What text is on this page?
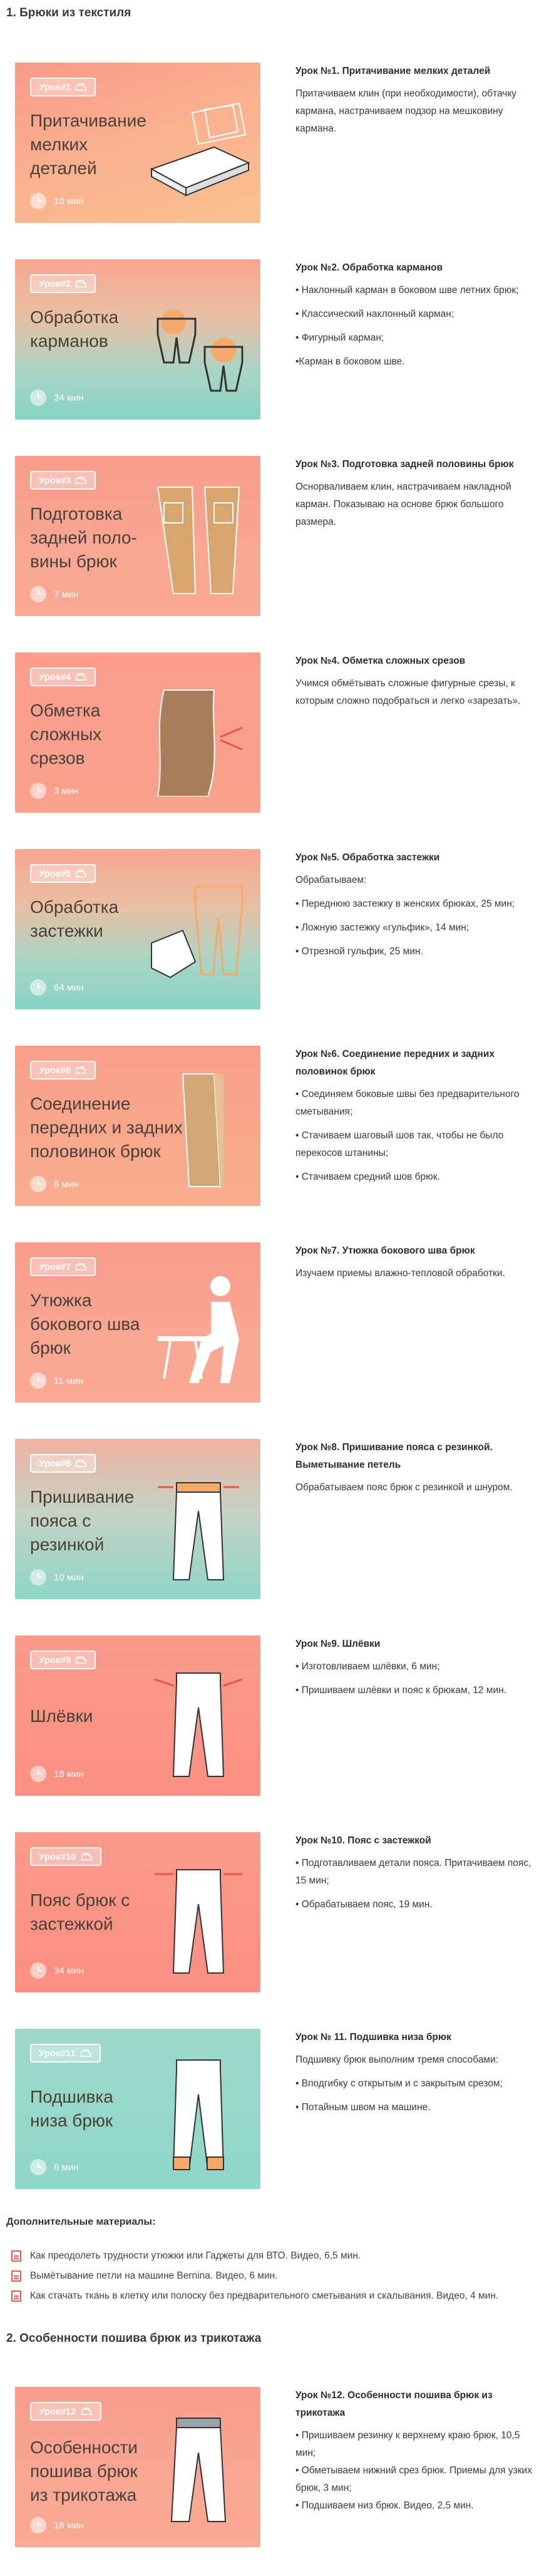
1. Брюки из текстиля
Урок#1
Притачивание мелких деталей
10 мин
Урок №1. Притачивание мелких деталей

Притачиваем клин (при необходимости), обтачку кармана, настрачиваем подзор на мешковину кармана.

Урок#2
Обработка карманов
34 мин
Урок №2. Обработка карманов

• Наклонный карман в боковом шве летних брюк;

• Классический наклонный карман;

• Фигурный карман;

•Карман в боковом шве.

Урок#3
Подготовка задней поло-вины брюк
7 мин
Урок №3. Подготовка задней половины брюк

Оснорваливаем клин, настрачиваем накладной карман. Показываю на основе брюк большого размера.

Урок#4
Обметка сложных срезов
3 мин
Урок №4. Обметка сложных срезов

Учимся обмётывать сложные фигурные срезы, к которым сложно подобраться и легко «зарезать».

Урок#5
Обработка застежки
64 мин
Урок №5. Обработка застежки

Обрабатываем:

• Переднюю застежку в женских брюках, 25 мин;

• Ложную застежку «гульфик», 14 мин;

• Отрезной гульфик, 25 мин.

Урок#6
Соединение передних и задних половинок брюк
8 мин
Урок №6. Соединение передних и задних половинок брюк

• Соединяем боковые швы без предварительного сметывания;

• Стачиваем шаговый шов так, чтобы не было перекосов штанины;

• Стачиваем средний шов брюк.

Урок#7
Утюжка бокового шва брюк
11 мин
Урок №7. Утюжка бокового шва брюк

Изучаем приемы влажно-тепловой обработки.

Урок#8
Пришивание пояса с резинкой
10 мин
Урок №8. Пришивание пояса с резинкой. Выметывание петель

Обрабатываем пояс брюк с резинкой и шнуром.

Урок#9
Шлёвки
18 мин
Урок №9. Шлёвки

• Изготовливаем шлёвки, 6 мин;

• Пришиваем шлёвки и пояс к брюкам, 12 мин.

Урок#10
Пояс брюк с застежкой
34 мин
Урок №10. Пояс с застежкой

• Подготавливаем детали пояса. Притачиваем пояс, 15 мин;

• Обрабатываем пояс, 19 мин.

Урок#11
Подшивка низа брюк
6 мин
Урок № 11. Подшивка низа брюк

Подшивку брюк выполним тремя способами:

• Вподгибку с открытым и с закрытым срезом;

• Потайным швом на машине.

Дополнительные материалы:
Как преодолеть трудности утюжки или Гаджеты для ВТО. Видео, 6,5 мин.
Вымётывание петли на машине Bernina. Видео, 6 мин.
Как стачать ткань в клетку или полоску без предварительного сметывания и скалывания. Видео, 4 мин.
2. Особенности пошива брюк из трикотажа
Урок#12
Особенности пошива брюк из трикотажа
16 мин
Урок №12. Особенности пошива брюк из трикотажа

• Пришиваем резинку к верхнему краю брюк, 10,5 мин;

• Обметываем нижний срез брюк. Приемы для узких брюк, 3 мин;

• Подшиваем низ брюк. Видео, 2,5 мин.
